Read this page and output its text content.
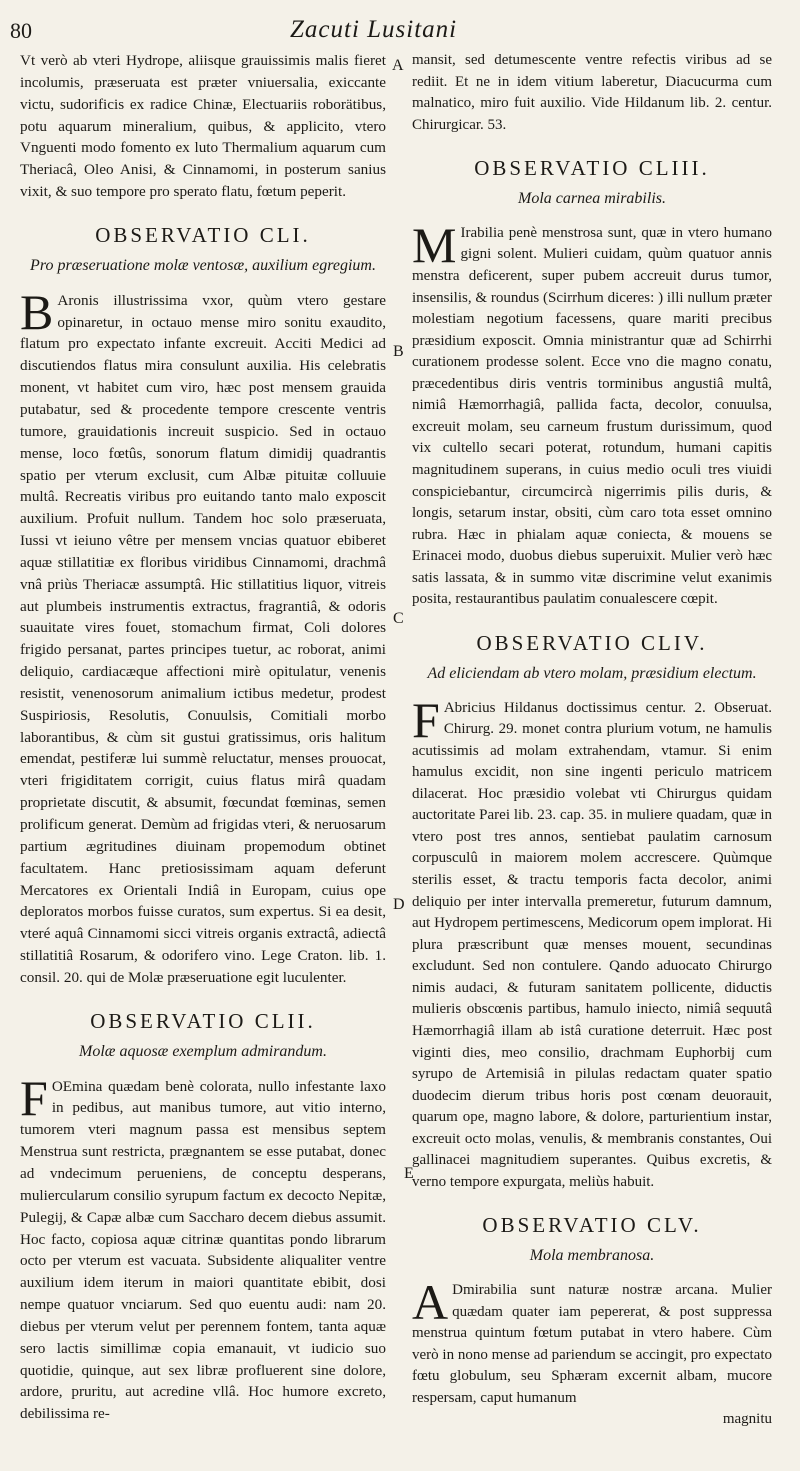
80	Zacuti Lusitani
A
B
C
D
E

Vt verò ab vteri Hydrope, aliisque grauissimis malis fieret incolumis, præseruata est præter vniuersalia, exiccante victu, sudorificis ex radice Chinæ, Electuariis roborätibus, potu aquarum mineralium, quibus, & applicito, vtero Vnguenti modo fomento ex luto Thermalium aquarum cum Theriacâ, Oleo Anisi, & Cinnamomi, in posterum sanius vixit, & suo tempore pro sperato flatu, fœtum peperit.

OBSERVATIO CLI.
Pro præseruatione molæ ventosæ, auxilium egregium.

B Aronis illustrissima vxor, quùm vtero gestare opinaretur, in octauo mense miro sonitu exaudito, flatum pro expectato infante excreuit. Acciti Medici ad discutiendos flatus mira consulunt auxilia. His celebratis monent, vt habitet cum viro, hæc post mensem grauida putabatur, sed & procedente tempore crescente ventris tumore, grauidationis increuit suspicio. Sed in octauo mense, loco fœtûs, sonorum flatum dimidij quadrantis spatio per vterum exclusit, cum Albæ pituitæ colluuie multâ. Recreatis viribus pro euitando tanto malo exposcit auxilium. Profuit nullum. Tandem hoc solo præseruata, Iussi vt ieiuno vêtre per mensem vncias quatuor ebiberet aquæ stillatitiæ ex floribus viridibus Cinnamomi, drachmâ vnâ priùs Theriacæ assumptâ. Hic stillatitius liquor, vitreis aut plumbeis instrumentis extractus, fragrantiâ, & odoris suauitate vires fouet, stomachum firmat, Coli dolores frigido persanat, partes principes tuetur, ac roborat, animi deliquio, cardiacæque affectioni mirè opitulatur, venenis resistit, venenosorum animalium ictibus medetur, prodest Suspiriosis, Resolutis, Conuulsis, Comitiali morbo laborantibus, & cùm sit gustui gratissimus, oris halitum emendat, pestiferæ lui summè reluctatur, menses prouocat, vteri frigiditatem corrigit, cuius flatus mirâ quadam proprietate discutit, & absumit, fœcundat fœminas, semen prolificum generat. Demùm ad frigidas vteri, & neruosarum partium ægritudines diuinam propemodum obtinet facultatem. Hanc pretiosissimam aquam deferunt Mercatores ex Orientali Indiâ in Europam, cuius ope deploratos morbos fuisse curatos, sum expertus. Si ea desit, vteré aquâ Cinnamomi sicci vitreis organis extractâ, adiectâ stillatitiâ Rosarum, & odorifero vino. Lege Craton. lib. 1. consil. 20. qui de Molæ præseruatione egit luculenter.

OBSERVATIO CLII.
Molæ aquosæ exemplum admirandum.

F OEmina quædam benè colorata, nullo infestante laxo in pedibus, aut manibus tumore, aut vitio interno, tumorem vteri magnum passa est mensibus septem Menstrua sunt restricta, prægnantem se esse putabat, donec ad vndecimum perueniens, de conceptu desperans, muliercularum consilio syrupum factum ex decocto Nepitæ, Pulegij, & Capæ albæ cum Saccharo decem diebus assumit. Hoc facto, copiosa aquæ citrinæ quantitas pondo librarum octo per vterum est vacuata. Subsidente aliqualiter ventre auxilium idem iterum in maiori quantitate ebibit, dosi nempe quatuor vnciarum. Sed quo euentu audi: nam 20. diebus per vterum velut per perennem fontem, tanta aquæ sero lactis simillimæ copia emanauit, vt iudicio suo quotidie, quinque, aut sex libræ profluerent sine dolore, ardore, pruritu, aut acredine vllâ. Hoc humore excreto, debilissima re-

mansit, sed detumescente ventre refectis viribus ad se rediit. Et ne in idem vitium laberetur, Diacucurma cum malnatico, miro fuit auxilio. Vide Hildanum lib. 2. centur. Chirurgicar. 53.

OBSERVATIO CLIII.
Mola carnea mirabilis.

M Irabilia penè menstrosa sunt, quæ in vtero humano gigni solent. Mulieri cuidam, quùm quatuor annis menstra deficerent, super pubem accreuit durus tumor, insensilis, & roundus (Scirrhum diceres: ) illi nullum præter molestiam negotium facessens, quare mariti precibus præsidium exposcit. Omnia ministrantur quæ ad Schirrhi curationem prodesse solent. Ecce vno die magno conatu, præcedentibus diris ventris torminibus angustiâ multâ, nimiâ Hæmorrhagiâ, pallida facta, decolor, conuulsa, excreuit molam, seu carneum frustum durissimum, quod vix cultello secari poterat, rotundum, humani capitis magnitudinem superans, in cuius medio oculi tres viuidi conspiciebantur, circumcircà nigerrimis pilis duris, & longis, setarum instar, obsiti, cùm caro tota esset omnino rubra. Hæc in phialam aquæ coniecta, & mouens se Erinacei modo, duobus diebus superuixit. Mulier verò hæc satis lassata, & in summo vitæ discrimine velut exanimis posita, restaurantibus paulatim conualescere cœpit.

OBSERVATIO CLIV.
Ad eliciendam ab vtero molam, præsidium electum.

F Abricius Hildanus doctissimus centur. 2. Obseruat. Chirurg. 29. monet contra plurium votum, ne hamulis acutissimis ad molam extrahendam, vtamur. Si enim hamulus excidit, non sine ingenti periculo matricem dilacerat. Hoc præsidio volebat vti Chirurgus quidam auctoritate Parei lib. 23. cap. 35. in muliere quadam, quæ in vtero post tres annos, sentiebat paulatim carnosum corpusculû in maiorem molem accrescere. Quùmque sterilis esset, & tractu temporis facta decolor, animi deliquio per inter intervalla premeretur, futurum damnum, aut Hydropem pertimescens, Medicorum opem implorat. Hi plura præscribunt quæ menses mouent, secundinas excludunt. Sed non contulere. Qando aduocato Chirurgo nimis audaci, & futuram sanitatem pollicente, diductis mulieris obscœnis partibus, hamulo iniecto, nimiâ sequutâ Hæmorrhagiâ illam ab istâ curatione deterruit. Hæc post viginti dies, meo consilio, drachmam Euphorbij cum syrupo de Artemisiâ in pilulas redactam quater spatio duodecim dierum tribus horis post cœnam deuorauit, quarum ope, magno labore, & dolore, parturientium instar, excreuit octo molas, venulis, & membranis constantes, Oui gallinacei magnitudiem superantes. Quibus excretis, & verno tempore expurgata, meliùs habuit.

OBSERVATIO CLV.
Mola membranosa.

A Dmirabilia sunt naturæ nostræ arcana. Mulier quædam quater iam pepererat, & post suppressa menstrua quintum fœtum putabat in vtero habere. Cùm verò in nono mense ad pariendum se accingit, pro expectato fœtu globulum, seu Sphæram excernit albam, mucore respersam, caput humanum

magnitu
